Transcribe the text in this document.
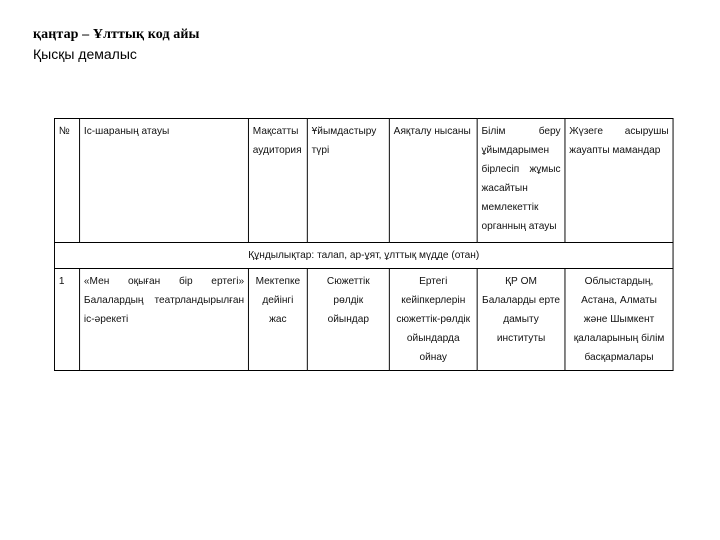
қаңтар – Ұлттық код айы
Қысқы демалыс
№	Іс-шараның атауы	Мақсатты аудитория	Ұйымдастыру түрі	Аяқталу нысаны	Білім беру ұйымдарымен бірлесіп жұмыс жасайтын мемлекеттік органның атауы	Жүзеге асырушы жауапты мамандар
Құндылықтар: талап, ар-ұят, ұлттық мүдде (отан)						
1	«Мен оқыған бір ертегі» Балалардың театрландырылған іс-әрекеті	Мектепке дейінгі жас	Сюжеттік рөлдік ойындар	Ертегі кейіпкерлерін сюжеттік-рөлдік ойындарда ойнау	ҚР ОМ Балаларды ерте дамыту институты	Облыстардың, Астана, Алматы және Шымкент қалаларының білім басқармалары
